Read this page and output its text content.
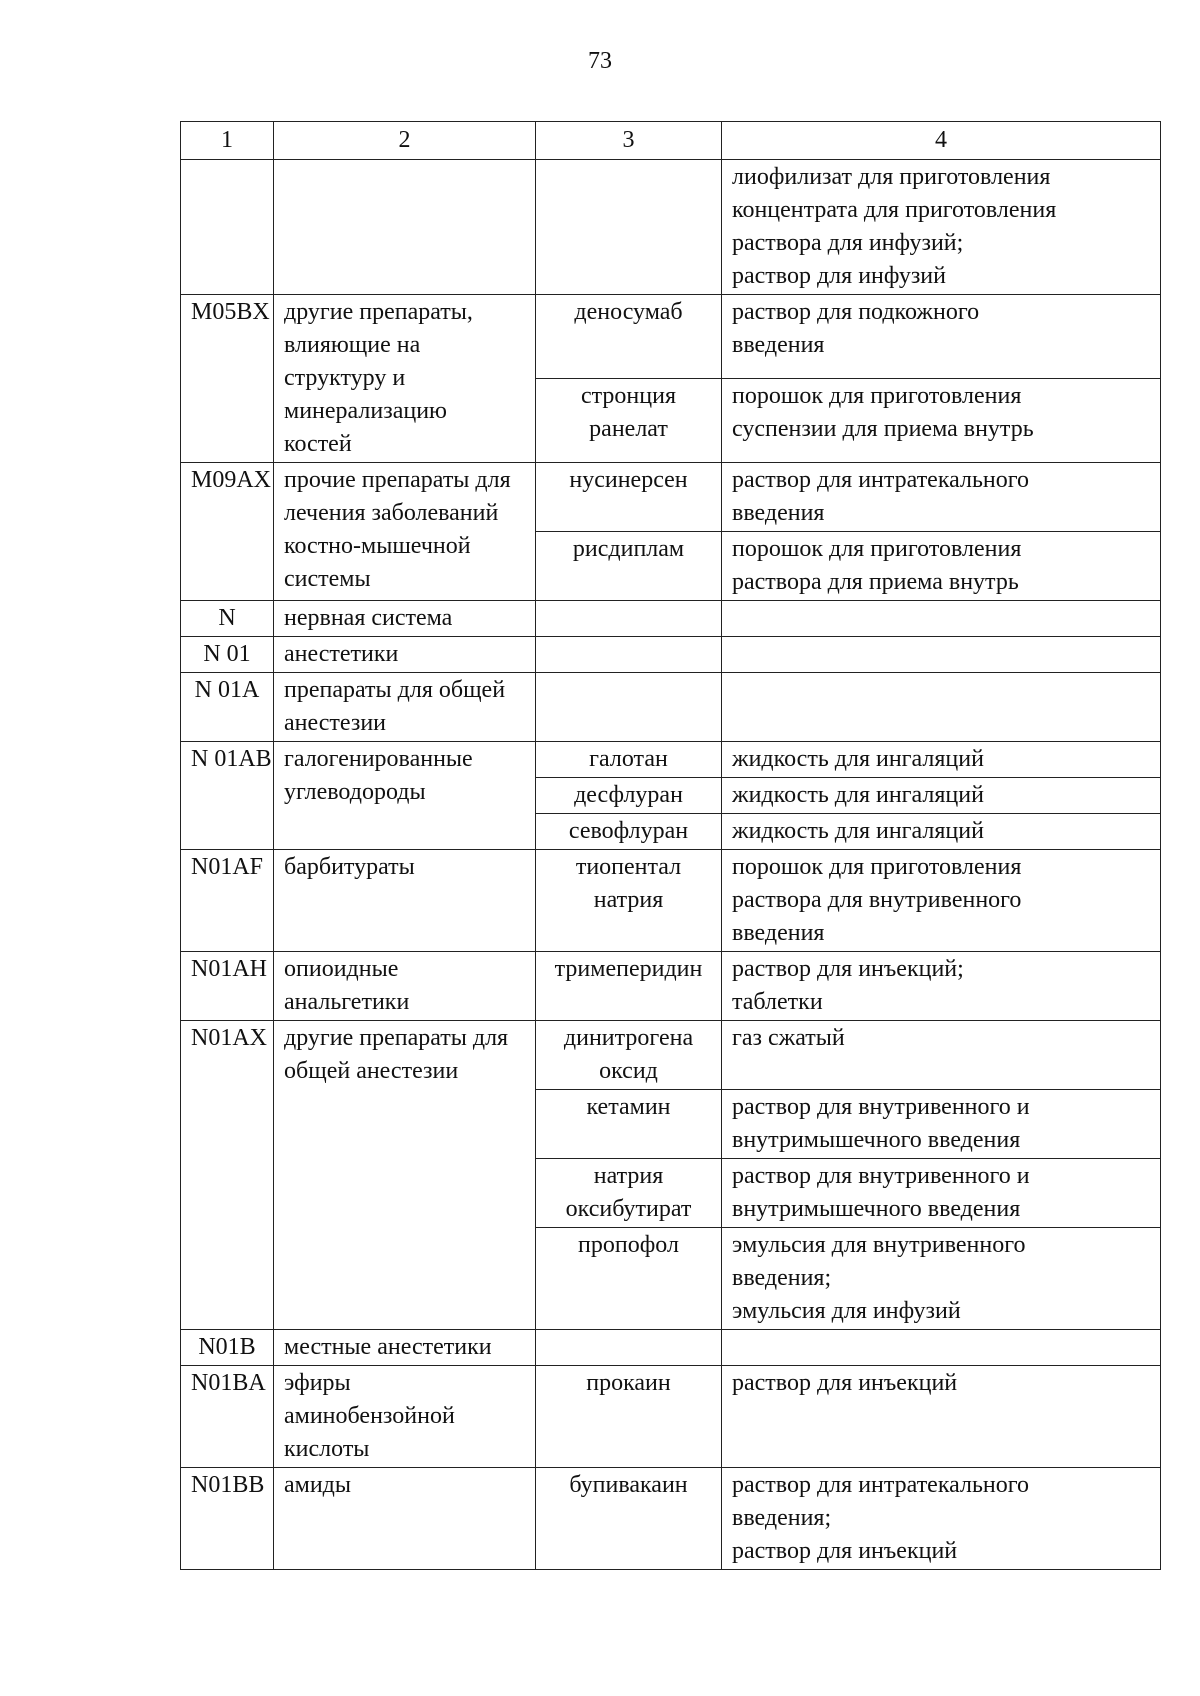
73
1	2	3	4

			лиофилизат для приготовления
концентрата для приготовления
раствора для инфузий;
раствор для инфузий

M05BX	другие препараты,
влияющие на
структуру и
минерализацию
костей	деносумаб	раствор для подкожного
введения

		стронция
ранелат	порошок для приготовления
суспензии для приема внутрь

M09AX	прочие препараты для
лечения заболеваний
костно-мышечной
системы	нусинерсен	раствор для интратекального
введения

		рисдиплам	порошок для приготовления
раствора для приема внутрь

N	нервная система		

N 01	анестетики		

N 01A	препараты для общей
анестезии		

N 01AB	галогенированные
углеводороды	галотан	жидкость для ингаляций

		десфлуран	жидкость для ингаляций

		севофлуран	жидкость для ингаляций

N01AF	барбитураты	тиопентал
натрия	порошок для приготовления
раствора для внутривенного
введения

N01AH	опиоидные
анальгетики	тримеперидин	раствор для инъекций;
таблетки

N01AX	другие препараты для
общей анестезии	динитрогена
оксид	газ сжатый

		кетамин	раствор для внутривенного и
внутримышечного введения

		натрия
оксибутират	раствор для внутривенного и
внутримышечного введения

		пропофол	эмульсия для внутривенного
введения;
эмульсия для инфузий

N01B	местные анестетики		

N01BA	эфиры аминобензойной
кислоты	прокаин	раствор для инъекций

N01BB	амиды	бупивакаин	раствор для интратекального
введения;
раствор для инъекций
